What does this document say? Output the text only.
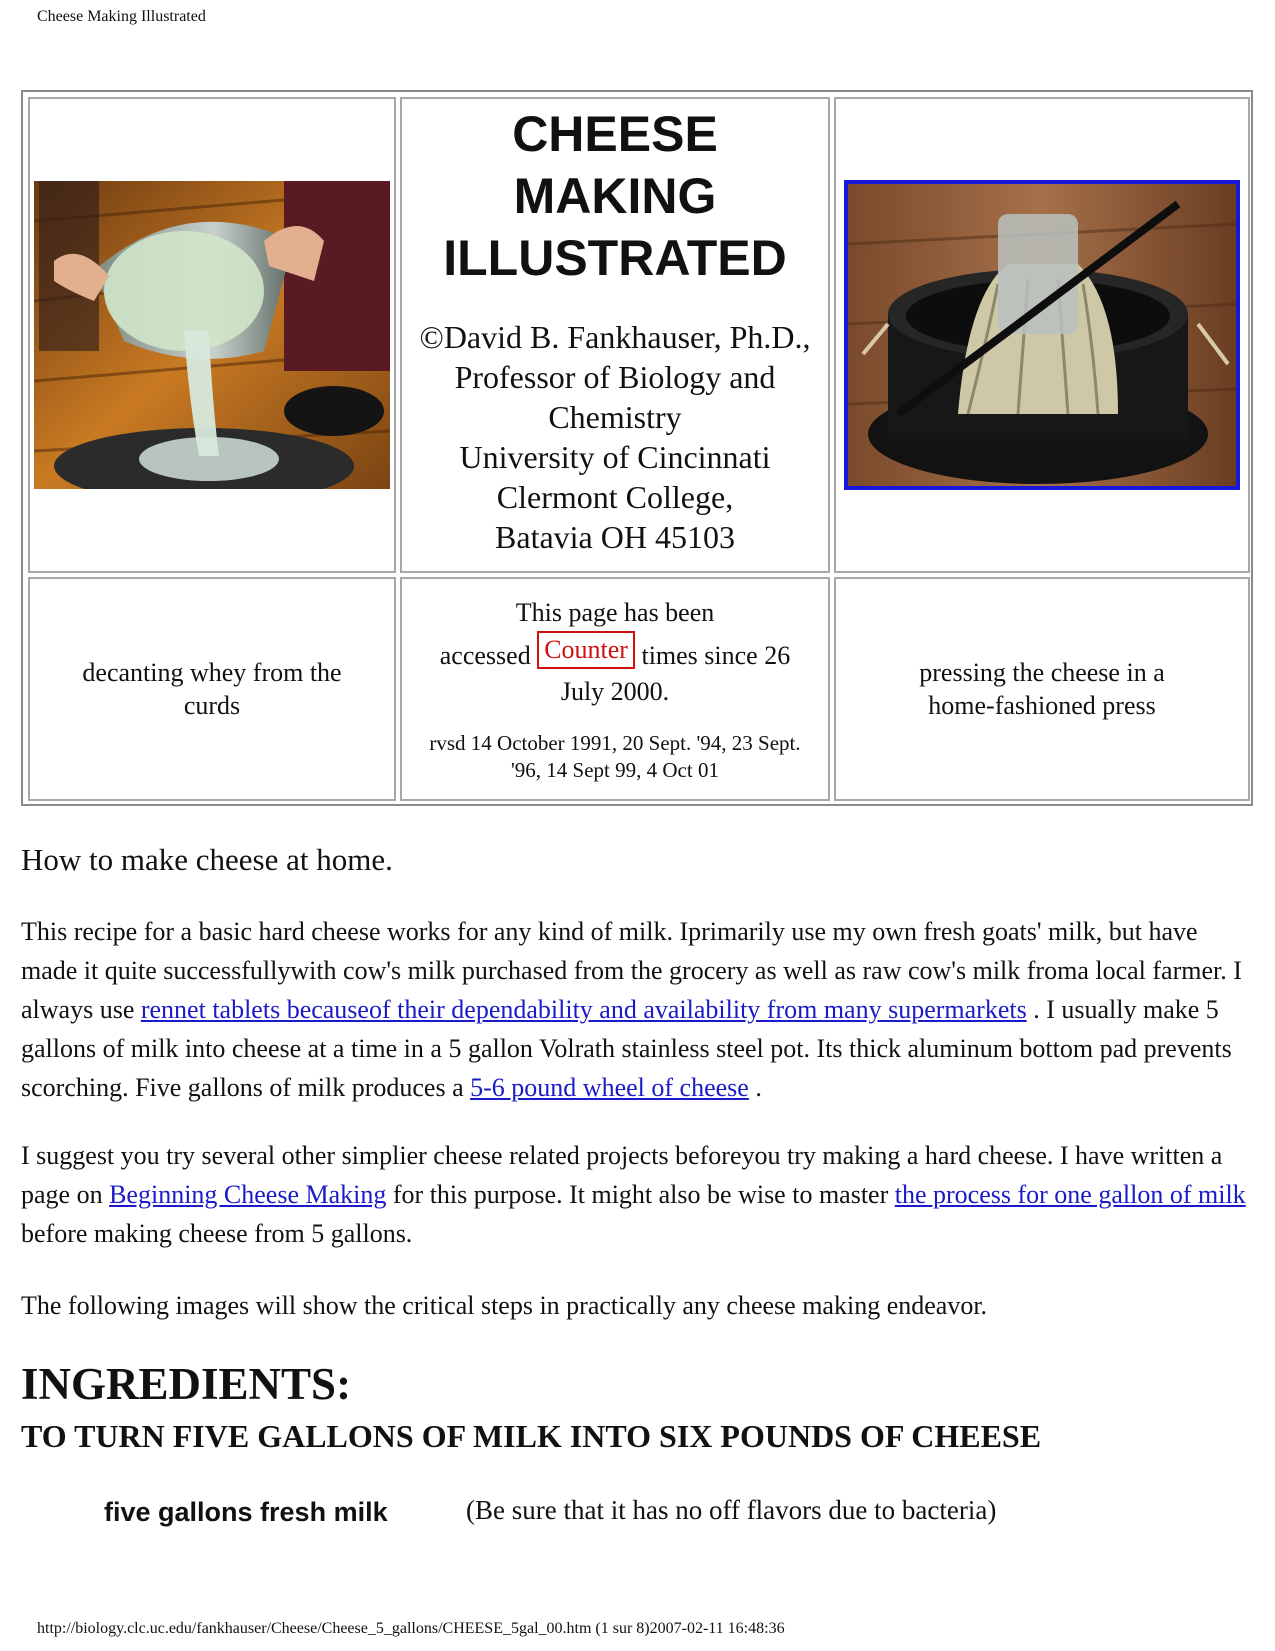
Cheese Making Illustrated
CHEESE MAKING ILLUSTRATED
©David B. Fankhauser, Ph.D.,
Professor of Biology and Chemistry
University of Cincinnati
Clermont College,
Batavia OH 45103
decanting whey from the curds
This page has been
accessed Counter times since 26 July 2000.
rvsd 14 October 1991, 20 Sept. '94, 23 Sept. '96, 14 Sept 99, 4 Oct 01
pressing the cheese in a home-fashioned press
How to make cheese at home.

This recipe for a basic hard cheese works for any kind of milk. Iprimarily use my own fresh goats' milk, but have made it quite successfullywith cow's milk purchased from the grocery as well as raw cow's milk froma local farmer. I always use rennet tablets becauseof their dependability and availability from many supermarkets . I usually make 5 gallons of milk into cheese at a time in a 5 gallon Volrath stainless steel pot. Its thick aluminum bottom pad prevents scorching. Five gallons of milk produces a 5-6 pound wheel of cheese .

I suggest you try several other simplier cheese related projects beforeyou try making a hard cheese. I have written a page on Beginning Cheese Making for this purpose. It might also be wise to master the process for one gallon of milk before making cheese from 5 gallons.

The following images will show the critical steps in practically any cheese making endeavor.

INGREDIENTS:
TO TURN FIVE GALLONS OF MILK INTO SIX POUNDS OF CHEESE
five gallons fresh milk	(Be sure that it has no off flavors due to bacteria)
http://biology.clc.uc.edu/fankhauser/Cheese/Cheese_5_gallons/CHEESE_5gal_00.htm (1 sur 8)2007-02-11 16:48:36
